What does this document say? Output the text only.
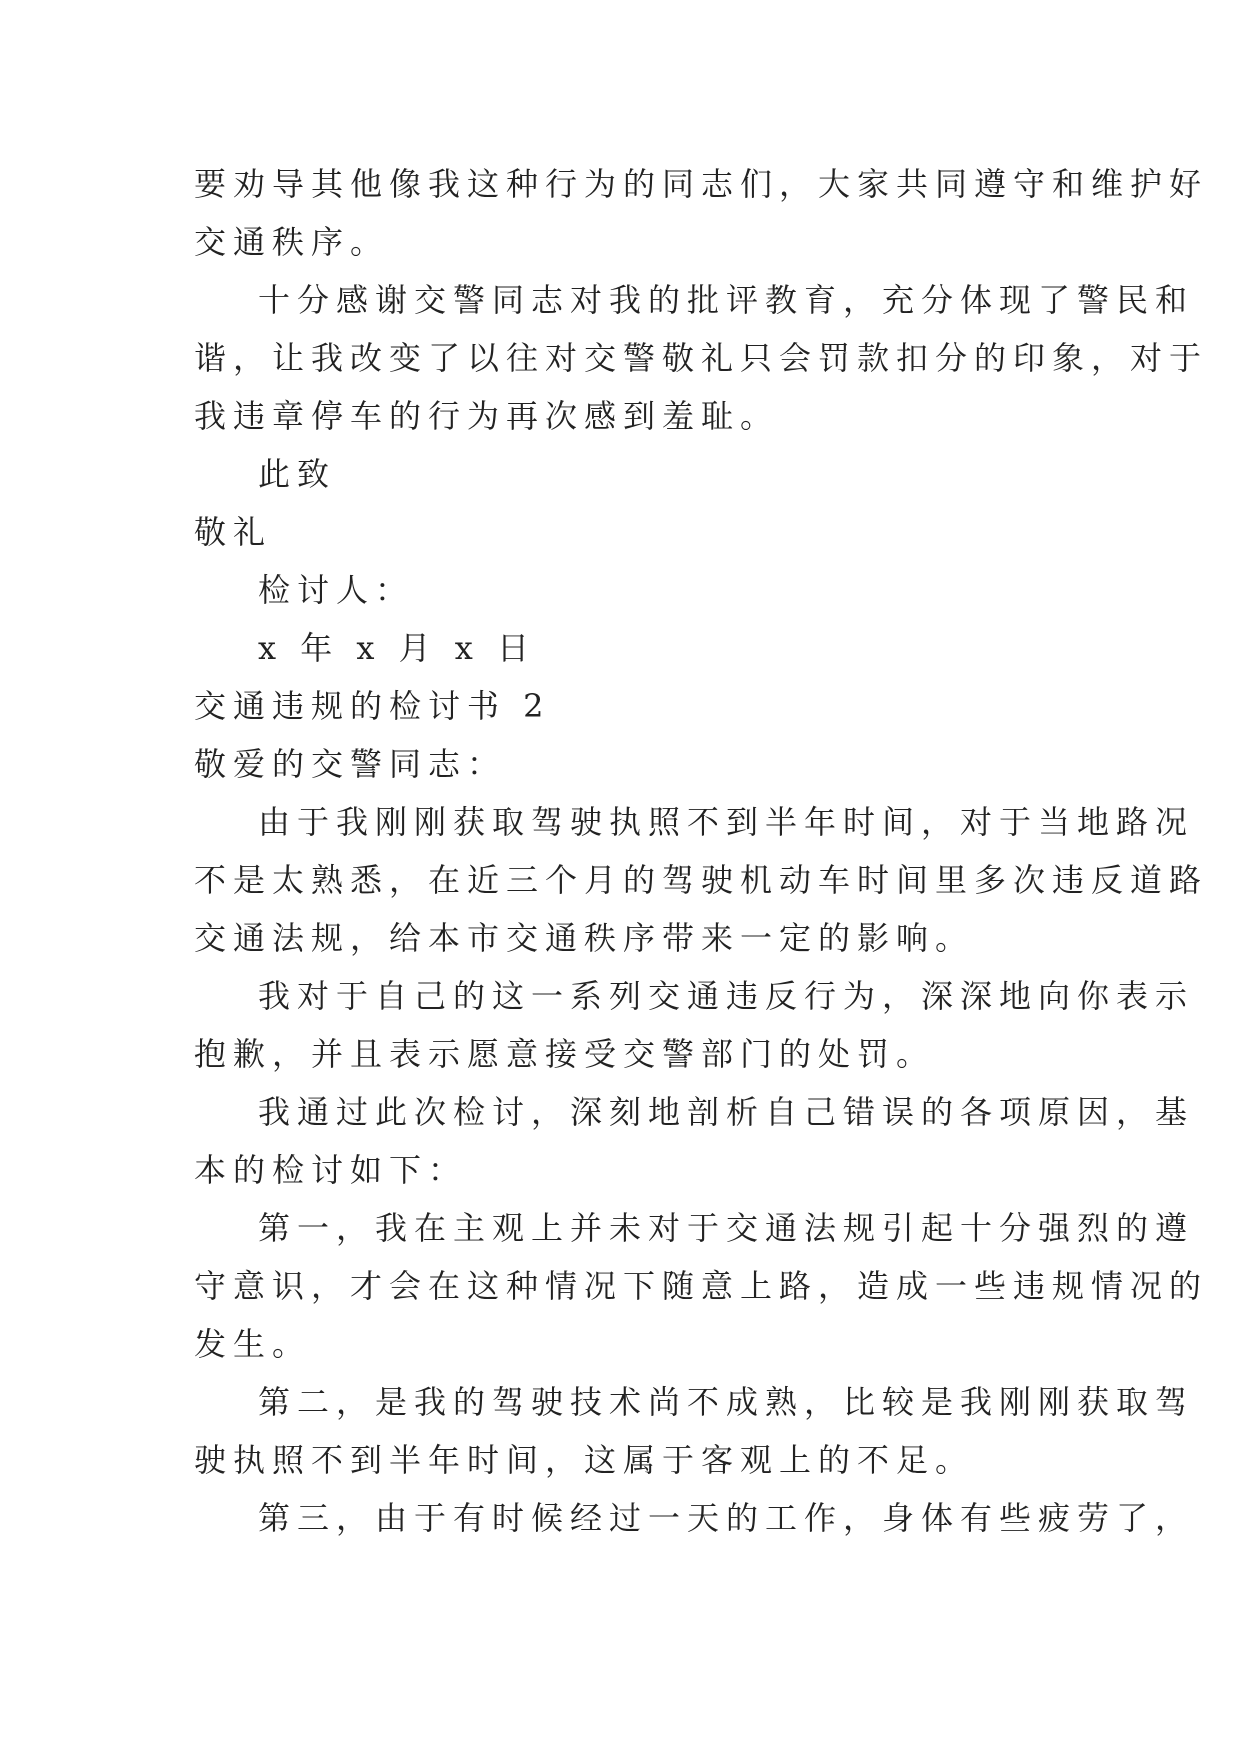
要劝导其他像我这种行为的同志们，大家共同遵守和维护好

交通秩序。

十分感谢交警同志对我的批评教育，充分体现了警民和

谐，让我改变了以往对交警敬礼只会罚款扣分的印象，对于

我违章停车的行为再次感到羞耻。

此致

敬礼

检讨人：

x 年 x 月 x 日

交通违规的检讨书 2

敬爱的交警同志：

由于我刚刚获取驾驶执照不到半年时间，对于当地路况

不是太熟悉，在近三个月的驾驶机动车时间里多次违反道路

交通法规，给本市交通秩序带来一定的影响。

我对于自己的这一系列交通违反行为，深深地向你表示

抱歉，并且表示愿意接受交警部门的处罚。

我通过此次检讨，深刻地剖析自己错误的各项原因，基

本的检讨如下：

第一，我在主观上并未对于交通法规引起十分强烈的遵

守意识，才会在这种情况下随意上路，造成一些违规情况的

发生。

第二，是我的驾驶技术尚不成熟，比较是我刚刚获取驾

驶执照不到半年时间，这属于客观上的不足。

第三，由于有时候经过一天的工作，身体有些疲劳了，
